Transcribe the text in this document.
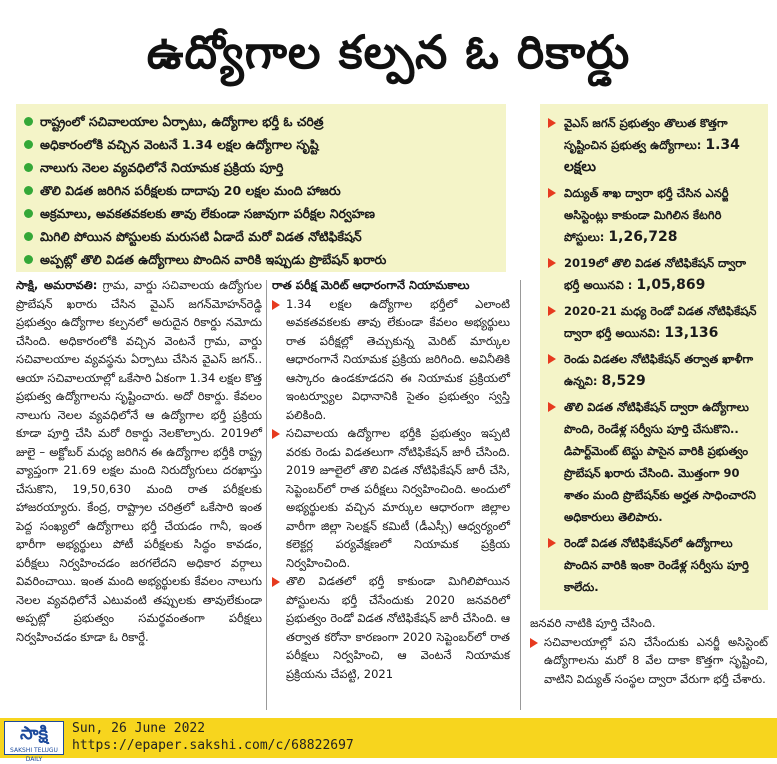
ఉద్యోగాల కల్పన ఓ రికార్డు
రాష్ట్రంలో సచివాలయాల ఏర్పాటు, ఉద్యోగాల భర్తీ ఓ చరిత్ర
అధికారంలోకి వచ్చిన వెంటనే 1.34 లక్షల ఉద్యోగాల సృష్టి
నాలుగు నెలల వ్యవధిలోనే నియామక ప్రక్రియ పూర్తి
తొలి విడత జరిగిన పరీక్షలకు దాదాపు 20 లక్షల మంది హాజరు
అక్రమాలు, అవకతవకలకు తావు లేకుండా సజావుగా పరీక్షల నిర్వహణ
మిగిలి పోయిన పోస్టులకు మరుసటి ఏడాదే మరో విడత నోటిఫికేషన్
అప్పట్లో తొలి విడత ఉద్యోగాలు పొందిన వారికి ఇప్పుడు ప్రొబేషన్ ఖరారు
వైఎస్ జగన్ ప్రభుత్వం తొలుత కొత్తగా సృష్టించిన ప్రభుత్వ ఉద్యోగాలు: 1.34 లక్షలు
విద్యుత్ శాఖ ద్వారా భర్తీ చేసిన ఎనర్జీ అసిస్టెంట్లు కాకుండా మిగిలిన కేటగిరి పోస్టులు: 1,26,728
2019లో తొలి విడత నోటిఫికేషన్ ద్వారా భర్తీ అయినవి : 1,05,869
2020-21 మధ్య రెండో విడత నోటిఫికేషన్ ద్వారా భర్తీ అయినవి: 13,136
రెండు విడతల నోటిఫికేషన్ తర్వాత ఖాళీగా ఉన్నవి: 8,529
తొలి విడత నోటిఫికేషన్ ద్వారా ఉద్యోగాలు పొంది, రెండేళ్ల సర్వీసు పూర్తి చేసుకొని.. డిపార్ట్‌మెంట్ టెస్టు పాసైన వారికి ప్రభుత్వం ప్రొబేషన్ ఖరారు చేసింది. మొత్తంగా 90 శాతం మంది ప్రొబేషన్‌కు అర్హత సాధించారని అధికారులు తెలిపారు.
రెండో విడత నోటిఫికేషన్‌లో ఉద్యోగాలు పొందిన వారికి ఇంకా రెండేళ్ల సర్వీసు పూర్తి కాలేదు.

సాక్షి, అమరావతి: గ్రామ, వార్డు సచివాలయ ఉద్యోగుల ప్రొబేషన్ ఖరారు చేసిన వైఎస్ జగన్‌మోహన్‌రెడ్డి ప్రభుత్వం ఉద్యోగాల కల్పనలో అరుదైన రికార్డు నమోదు చేసింది. అధికారంలోకి వచ్చిన వెంటనే గ్రామ, వార్డు సచివాలయాల వ్యవస్థను ఏర్పాటు చేసిన వైఎస్ జగన్.. ఆయా సచివాలయాల్లో ఒకేసారి ఏకంగా 1.34 లక్షల కొత్త ప్రభుత్వ ఉద్యోగాలను సృష్టించారు. అదో రికార్డు. కేవలం నాలుగు నెలల వ్యవధిలోనే ఆ ఉద్యోగాల భర్తీ ప్రక్రియ కూడా పూర్తి చేసి మరో రికార్డు నెలకొల్పారు. 2019లో జులై – అక్టోబర్ మధ్య జరిగిన ఈ ఉద్యోగాల భర్తీకి రాష్ట్ర వ్యాప్తంగా 21.69 లక్షల మంది నిరుద్యోగులు దరఖాస్తు చేసుకొని, 19,50,630 మంది రాత పరీక్షలకు హాజరయ్యారు. కేంద్ర, రాష్ట్రాల చరిత్రలో ఒకేసారి ఇంత పెద్ద సంఖ్యలో ఉద్యోగాలు భర్తీ చేయడం గానీ, ఇంత భారీగా అభ్యర్థులు పోటీ పరీక్షలకు సిద్ధం కావడం, పరీక్షలు నిర్వహించడం జరగలేదని అధికార వర్గాలు వివరించాయి. ఇంత మంది అభ్యర్థులకు కేవలం నాలుగు నెలల వ్యవధిలోనే ఎటువంటి తప్పులకు తావులేకుండా అప్పట్లో ప్రభుత్వం సమర్థవంతంగా పరీక్షలు నిర్వహించడం కూడా ఓ రికార్డే.

రాత పరీక్ష మెరిట్ ఆధారంగానే నియామకాలు

1.34 లక్షల ఉద్యోగాల భర్తీలో ఎలాంటి అవకతవకలకు తావు లేకుండా కేవలం అభ్యర్థులు రాత పరీక్షల్లో తెచ్చుకున్న మెరిట్ మార్కుల ఆధారంగానే నియామక ప్రక్రియ జరిగింది. అవినీతికి ఆస్కారం ఉండకూడదని ఈ నియామక ప్రక్రియలో ఇంటర్వ్యూల విధానానికి సైతం ప్రభుత్వం స్వస్తి పలికింది.

సచివాలయ ఉద్యోగాల భర్తీకి ప్రభుత్వం ఇప్పటి వరకు రెండు విడతలుగా నోటిఫికేషన్ జారీ చేసింది. 2019 జూలైలో తొలి విడత నోటిఫికేషన్ జారీ చేసి, సెప్టెంబర్‌లో రాత పరీక్షలు నిర్వహించింది. అందులో అభ్యర్థులకు వచ్చిన మార్కుల ఆధారంగా జిల్లాల వారీగా జిల్లా సెలక్షన్ కమిటీ (డీఎస్సీ) ఆధ్వర్యంలో కలెక్టర్ల పర్యవేక్షణలో నియామక ప్రక్రియ నిర్వహించింది.

తొలి విడతలో భర్తీ కాకుండా మిగిలిపోయిన పోస్టులను భర్తీ చేసేందుకు 2020 జనవరిలో ప్రభుత్వం రెండో విడత నోటిఫికేషన్ జారీ చేసింది. ఆ తర్వాత కరోనా కారణంగా 2020 సెప్టెంబర్‌లో రాత పరీక్షలు నిర్వహించి, ఆ వెంటనే నియామక ప్రక్రియను చేపట్టి, 2021

జనవరి నాటికి పూర్తి చేసింది.

సచివాలయాల్లో పని చేసేందుకు ఎనర్జీ అసిస్టెంట్ ఉద్యోగాలను మరో 8 వేల దాకా కొత్తగా సృష్టించి, వాటిని విద్యుత్ సంస్థల ద్వారా వేరుగా భర్తీ చేశారు.

సాక్షి
SAKSHI TELUGU DAILY
Sun, 26 June 2022
https://epaper.sakshi.com/c/68822697
